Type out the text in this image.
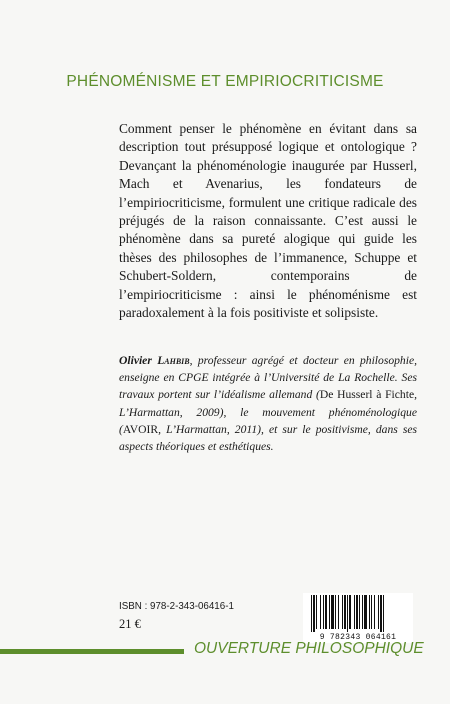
PHÉNOMÉNISME ET EMPIRIOCRITICISME

Comment penser le phénomène en évitant dans sa description tout présupposé logique et ontologique ? Devançant la phénoménologie inaugurée par Husserl, Mach et Avenarius, les fondateurs de l’empiriocriticisme, formulent une critique radicale des préjugés de la raison connaissante. C’est aussi le phénomène dans sa pureté alogique qui guide les thèses des philosophes de l’immanence, Schuppe et Schubert-Soldern, contemporains de l’empiriocriticisme : ainsi le phénoménisme est paradoxalement à la fois positiviste et solipsiste.

Olivier Lahbib, professeur agrégé et docteur en philosophie, enseigne en CPGE intégrée à l’Université de La Rochelle. Ses travaux portent sur l’idéalisme allemand (De Husserl à Fichte, L’Harmattan, 2009), le mouvement phénoménologique (AVOIR, L’Harmattan, 2011), et sur le positivisme, dans ses aspects théoriques et esthétiques.

ISBN : 978-2-343-06416-1
21 €
9 782343 064161
OUVERTURE PHILOSOPHIQUE
